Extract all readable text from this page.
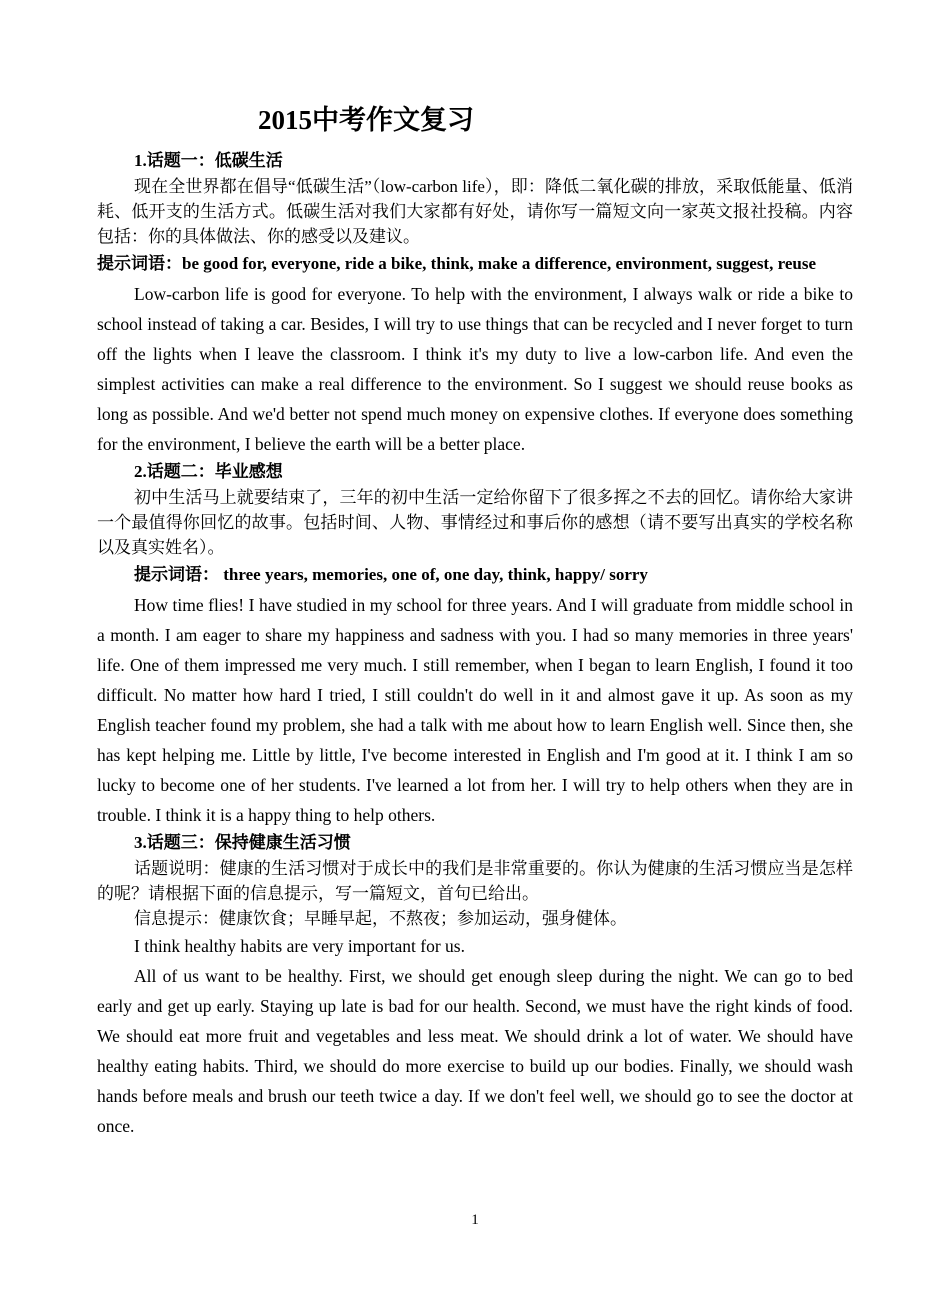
2015中考作文复习

1.话题一：低碳生活

现在全世界都在倡导“低碳生活”（low-carbon life），即：降低二氧化碳的排放，采取低能量、低消耗、低开支的生活方式。低碳生活对我们大家都有好处，请你写一篇短文向一家英文报社投稿。内容包括：你的具体做法、你的感受以及建议。

提示词语：be good for, everyone, ride a bike, think, make a difference, environment, suggest, reuse

Low-carbon life is good for everyone. To help with the environment, I always walk or ride a bike to school instead of taking a car. Besides, I will try to use things that can be recycled and I never forget to turn off the lights when I leave the classroom. I think it's my duty to live a low-carbon life. And even the simplest activities can make a real difference to the environment. So I suggest we should reuse books as long as possible. And we'd better not spend much money on expensive clothes. If everyone does something for the environment, I believe the earth will be a better place.

2.话题二：毕业感想

初中生活马上就要结束了，三年的初中生活一定给你留下了很多挥之不去的回忆。请你给大家讲一个最值得你回忆的故事。包括时间、人物、事情经过和事后你的感想（请不要写出真实的学校名称以及真实姓名）。

提示词语： three years, memories, one of, one day, think, happy/ sorry

How time flies! I have studied in my school for three years. And I will graduate from middle school in a month. I am eager to share my happiness and sadness with you. I had so many memories in three years' life. One of them impressed me very much. I still remember, when I began to learn English, I found it too difficult. No matter how hard I tried, I still couldn't do well in it and almost gave it up. As soon as my English teacher found my problem, she had a talk with me about how to learn English well. Since then, she has kept helping me. Little by little, I've become interested in English and I'm good at it. I think I am so lucky to become one of her students. I've learned a lot from her. I will try to help others when they are in trouble. I think it is a happy thing to help others.

3.话题三：保持健康生活习惯

话题说明：健康的生活习惯对于成长中的我们是非常重要的。你认为健康的生活习惯应当是怎样的呢？请根据下面的信息提示，写一篇短文，首句已给出。

信息提示：健康饮食；早睡早起，不熬夜；参加运动，强身健体。

I think healthy habits are very important for us.

All of us want to be healthy. First, we should get enough sleep during the night. We can go to bed early and get up early. Staying up late is bad for our health. Second, we must have the right kinds of food. We should eat more fruit and vegetables and less meat. We should drink a lot of water. We should have healthy eating habits. Third, we should do more exercise to build up our bodies. Finally, we should wash hands before meals and brush our teeth twice a day. If we don't feel well, we should go to see the doctor at once.

1
